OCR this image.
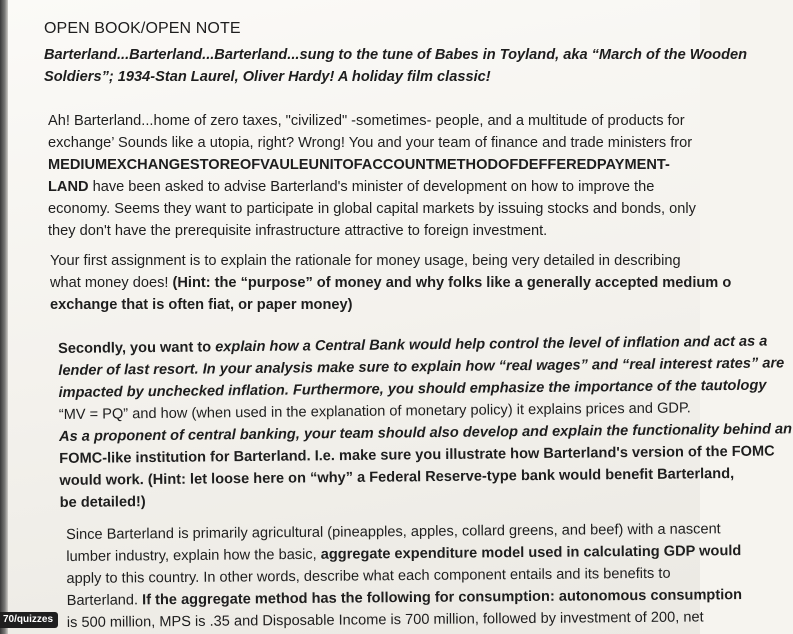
OPEN BOOK/OPEN NOTE
Barterland...Barterland...Barterland...sung to the tune of Babes in Toyland, aka “March of the Wooden
Soldiers”; 1934-Stan Laurel, Oliver Hardy! A holiday film classic!
Ah! Barterland...home of zero taxes, "civilized" -sometimes- people, and a multitude of products for
exchange’ Sounds like a utopia, right? Wrong! You and your team of finance and trade ministers fror
MEDIUMEXCHANGESTOREOFVAULEUNITOFACCOUNTMETHODOFDEFFEREDPAYMENT-
LAND have been asked to advise Barterland's minister of development on how to improve the
economy. Seems they want to participate in global capital markets by issuing stocks and bonds, only
they don't have the prerequisite infrastructure attractive to foreign investment.
Your first assignment is to explain the rationale for money usage, being very detailed in describing
what money does! (Hint: the “purpose” of money and why folks like a generally accepted medium o
exchange that is often fiat, or paper money)
Secondly, you want to explain how a Central Bank would help control the level of inflation and act as a
lender of last resort. In your analysis make sure to explain how “real wages” and “real interest rates” are
impacted by unchecked inflation. Furthermore, you should emphasize the importance of the tautology
“MV = PQ” and how (when used in the explanation of monetary policy) it explains prices and GDP.
As a proponent of central banking, your team should also develop and explain the functionality behind an
FOMC-like institution for Barterland. I.e. make sure you illustrate how Barterland's version of the FOMC
would work. (Hint: let loose here on “why” a Federal Reserve-type bank would benefit Barterland,
be detailed!)
Since Barterland is primarily agricultural (pineapples, apples, collard greens, and beef) with a nascent
lumber industry, explain how the basic, aggregate expenditure model used in calculating GDP would
apply to this country. In other words, describe what each component entails and its benefits to
Barterland. If the aggregate method has the following for consumption: autonomous consumption
is 500 million, MPS is .35 and Disposable Income is 700 million, followed by investment of 200, net
70/quizzes
